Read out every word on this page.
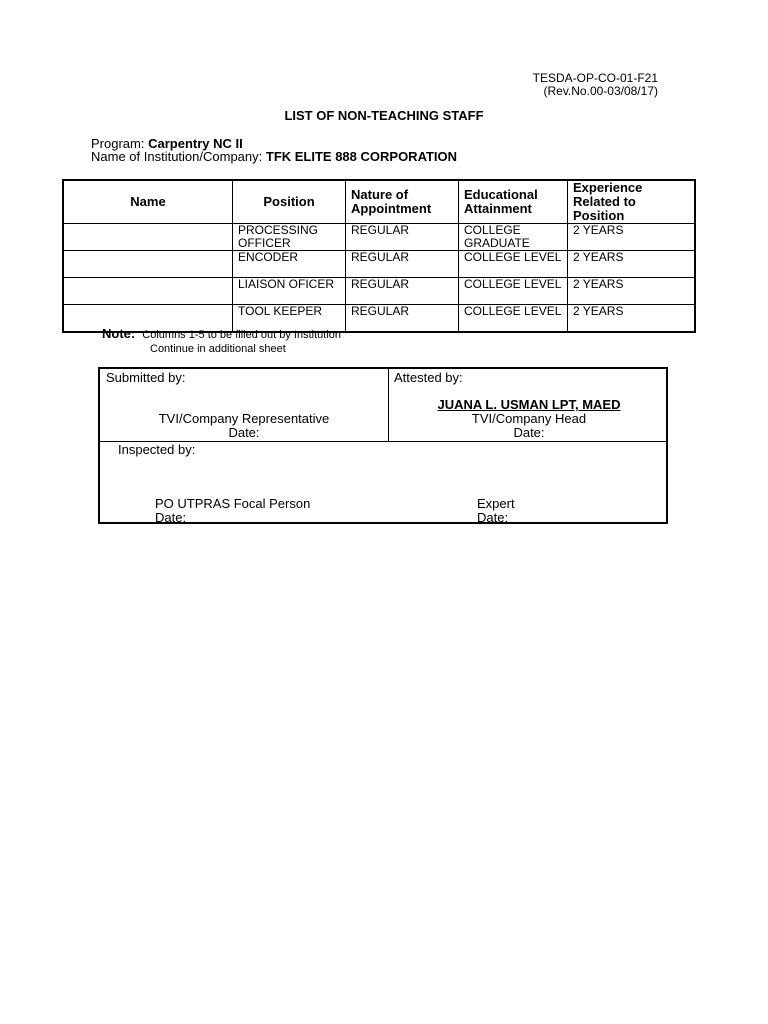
TESDA-OP-CO-01-F21
(Rev.No.00-03/08/17)
LIST OF NON-TEACHING STAFF
Program: Carpentry NC II
Name of Institution/Company: TFK ELITE 888 CORPORATION
Name	Position	Nature of Appointment	Educational Attainment	Experience Related to Position
	PROCESSING OFFICER	REGULAR	COLLEGE GRADUATE	2 YEARS
	ENCODER	REGULAR	COLLEGE LEVEL	2 YEARS
	LIAISON OFICER	REGULAR	COLLEGE LEVEL	2 YEARS
	TOOL KEEPER	REGULAR	COLLEGE LEVEL	2 YEARS
Note: Columns 1-5 to be filled out by Institution
Continue in additional sheet
Submitted by:
TVI/Company Representative
Date:
Attested by:
JUANA L. USMAN LPT, MAED
TVI/Company Head
Date:
Inspected by:
PO UTPRAS Focal Person
Date:
Expert
Date:
